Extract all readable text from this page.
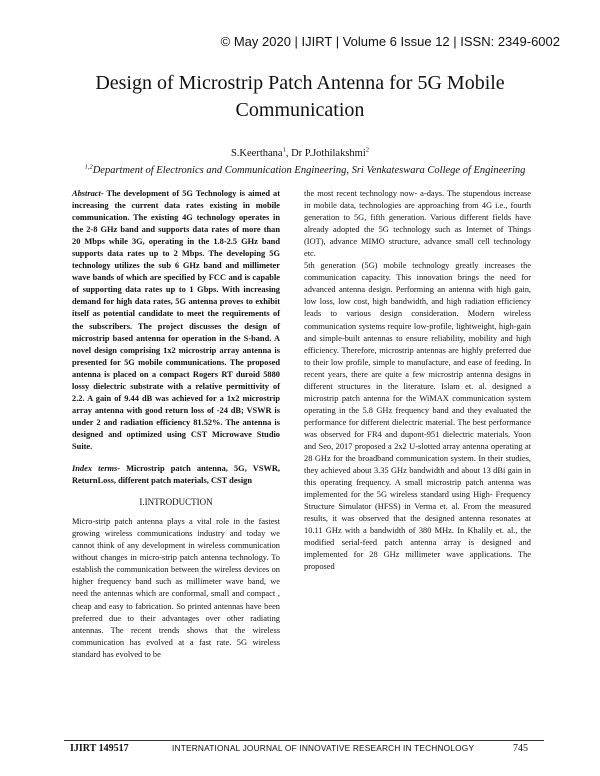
© May 2020 | IJIRT | Volume 6 Issue 12 | ISSN: 2349-6002
Design of Microstrip Patch Antenna for 5G Mobile Communication
S.Keerthana$^1$, Dr P.Jothilakshmi$^2$
$^{1,2}$Department of Electronics and Communication Engineering, Sri Venkateswara College of Engineering

Abstract- The development of 5G Technology is aimed at increasing the current data rates existing in mobile communication. The existing 4G technology operates in the 2-8 GHz band and supports data rates of more than 20 Mbps while 3G, operating in the 1.8-2.5 GHz band supports data rates up to 2 Mbps. The developing 5G technology utilizes the sub 6 GHz band and millimeter wave bands of which are specified by FCC and is capable of supporting data rates up to 1 Gbps. With increasing demand for high data rates, 5G antenna proves to exhibit itself as potential candidate to meet the requirements of the subscribers. The project discusses the design of microstrip based antenna for operation in the S-band. A novel design comprising 1x2 microstrip array antenna is presented for 5G mobile communications. The proposed antenna is placed on a compact Rogers RT duroid 5880 lossy dielectric substrate with a relative permittivity of 2.2. A gain of 9.44 dB was achieved for a 1x2 microstrip array antenna with good return loss of -24 dB; VSWR is under 2 and radiation efficiency 81.52%. The antenna is designed and optimized using CST Microwave Studio Suite.

Index terms- Microstrip patch antenna, 5G, VSWR, ReturnLoss, different patch materials, CST design

I.INTRODUCTION

Micro-strip patch antenna plays a vital role in the fastest growing wireless communications industry and today we cannot think of any development in wireless communication without changes in micro-strip patch antenna technology. To establish the communication between the wireless devices on higher frequency band such as millimeter wave band, we need the antennas which are conformal, small and compact , cheap and easy to fabrication. So printed antennas have been preferred due to their advantages over other radiating antennas. The recent trends shows that the wireless communication has evolved at a fast rate. 5G wireless standard has evolved to be

the most recent technology now- a-days. The stupendous increase in mobile data, technologies are approaching from 4G i.e., fourth generation to 5G, fifth generation. Various different fields have already adopted the 5G technology such as Internet of Things (IOT), advance MIMO structure, advance small cell technology etc.

5th generation (5G) mobile technology greatly increases the communication capacity. This innovation brings the need for advanced antenna design. Performing an antenna with high gain, low loss, low cost, high bandwidth, and high radiation efficiency leads to various design consideration. Modern wireless communication systems require low-profile, lightweight, high-gain and simple-built antennas to ensure reliability, mobility and high efficiency. Therefore, microstrip antennas are highly preferred due to their low profile, simple to manufacture, and ease of feeding. In recent years, there are quite a few microstrip antenna designs in different structures in the literature. Islam et. al. designed a microstrip patch antenna for the WiMAX communication system operating in the 5.8 GHz frequency band and they evaluated the performance for different dielectric material. The best performance was observed for FR4 and dupont-951 dielectric materials. Yoon and Seo, 2017 proposed a 2x2 U-slotted array antenna operating at 28 GHz for the broadband communication system. In their studies, they achieved about 3.35 GHz bandwidth and about 13 dBi gain in this operating frequency. A small microstrip patch antenna was implemented for the 5G wireless standard using High- Frequency Structure Simulator (HFSS) in Verma et. al. From the measured results, it was observed that the designed antenna resonates at 10.11 GHz with a bandwidth of 380 MHz. In Khalily et. al., the modified serial-feed patch antenna array is designed and implemented for 28 GHz millimeter wave applications. The proposed

IJIRT 149517	INTERNATIONAL JOURNAL OF INNOVATIVE RESEARCH IN TECHNOLOGY	745
